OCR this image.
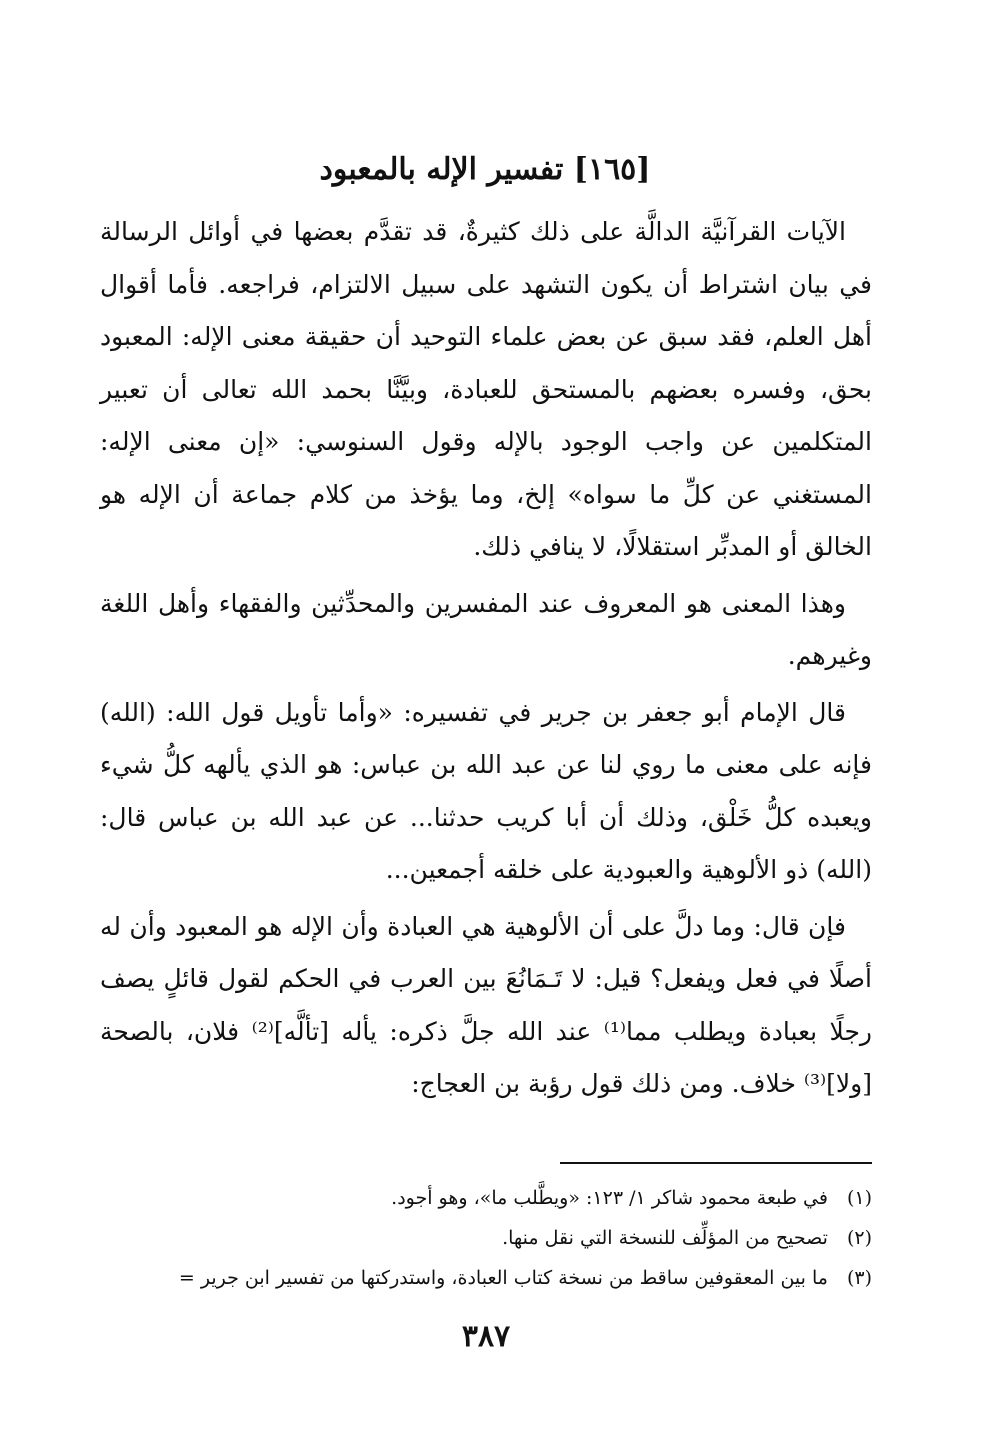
[١٦٥] تفسير الإله بالمعبود

الآيات القرآنيَّة الدالَّة على ذلك كثيرةٌ، قد تقدَّم بعضها في أوائل الرسالة في بيان اشتراط أن يكون التشهد على سبيل الالتزام، فراجعه. فأما أقوال أهل العلم، فقد سبق عن بعض علماء التوحيد أن حقيقة معنى الإله: المعبود بحق، وفسره بعضهم بالمستحق للعبادة، وبيَّنَّا بحمد الله تعالى أن تعبير المتكلمين عن واجب الوجود بالإله وقول السنوسي: «إن معنى الإله: المستغني عن كلِّ ما سواه» إلخ، وما يؤخذ من كلام جماعة أن الإله هو الخالق أو المدبِّر استقلالًا، لا ينافي ذلك.

وهذا المعنى هو المعروف عند المفسرين والمحدِّثين والفقهاء وأهل اللغة وغيرهم.

قال الإمام أبو جعفر بن جرير في تفسيره: «وأما تأويل قول الله: (الله) فإنه على معنى ما روي لنا عن عبد الله بن عباس: هو الذي يألهه كلُّ شيء ويعبده كلُّ خَلْق، وذلك أن أبا كريب حدثنا... عن عبد الله بن عباس قال: (الله) ذو الألوهية والعبودية على خلقه أجمعين...

فإن قال: وما دلَّ على أن الألوهية هي العبادة وأن الإله هو المعبود وأن له أصلًا في فعل ويفعل؟ قيل: لا تَـمَانُعَ بين العرب في الحكم لقول قائلٍ يصف رجلًا بعبادة ويطلب مما⁽¹⁾ عند الله جلَّ ذكره: يأله [تألَّه]⁽²⁾ فلان، بالصحة [ولا]⁽³⁾ خلاف. ومن ذلك قول رؤبة بن العجاج:

(١) في طبعة محمود شاكر ١/ ١٢٣: «ويطَّلب ما»، وهو أجود.
(٢) تصحيح من المؤلِّف للنسخة التي نقل منها.
(٣) ما بين المعقوفين ساقط من نسخة كتاب العبادة، واستدركتها من تفسير ابن جرير =
٣٨٧
